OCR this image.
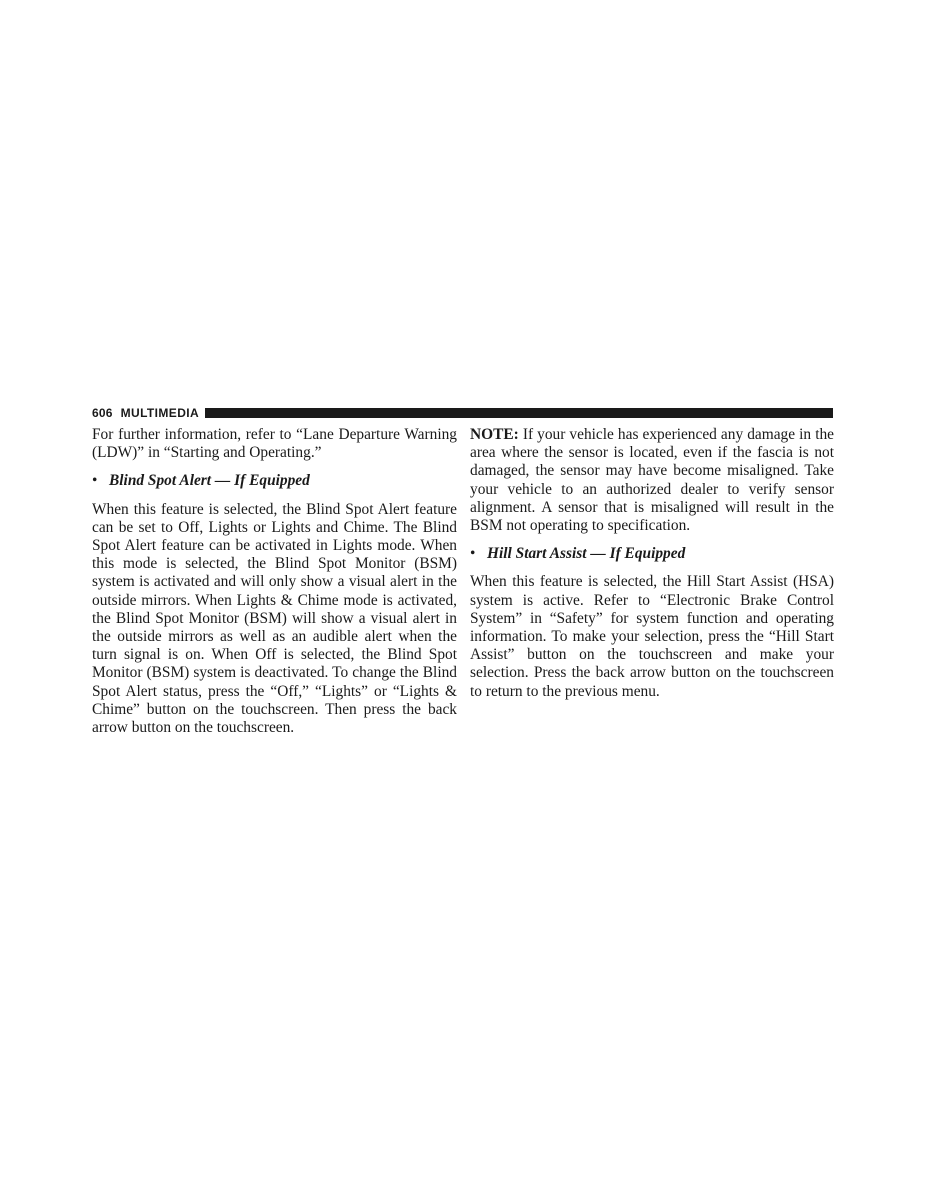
606 MULTIMEDIA

For further information, refer to “Lane Departure Warning (LDW)” in “Starting and Operating.”

• Blind Spot Alert — If Equipped

When this feature is selected, the Blind Spot Alert feature can be set to Off, Lights or Lights and Chime. The Blind Spot Alert feature can be activated in Lights mode. When this mode is selected, the Blind Spot Monitor (BSM) system is activated and will only show a visual alert in the outside mirrors. When Lights & Chime mode is activated, the Blind Spot Monitor (BSM) will show a visual alert in the outside mirrors as well as an audible alert when the turn signal is on. When Off is selected, the Blind Spot Monitor (BSM) system is deactivated. To change the Blind Spot Alert status, press the “Off,” “Lights” or “Lights & Chime” button on the touchscreen. Then press the back arrow button on the touchscreen.

NOTE: If your vehicle has experienced any damage in the area where the sensor is located, even if the fascia is not damaged, the sensor may have become misaligned. Take your vehicle to an authorized dealer to verify sensor alignment. A sensor that is misaligned will result in the BSM not operating to specification.

• Hill Start Assist — If Equipped

When this feature is selected, the Hill Start Assist (HSA) system is active. Refer to “Electronic Brake Control System” in “Safety” for system function and operating information. To make your selection, press the “Hill Start Assist” button on the touchscreen and make your selection. Press the back arrow button on the touchscreen to return to the previous menu.
